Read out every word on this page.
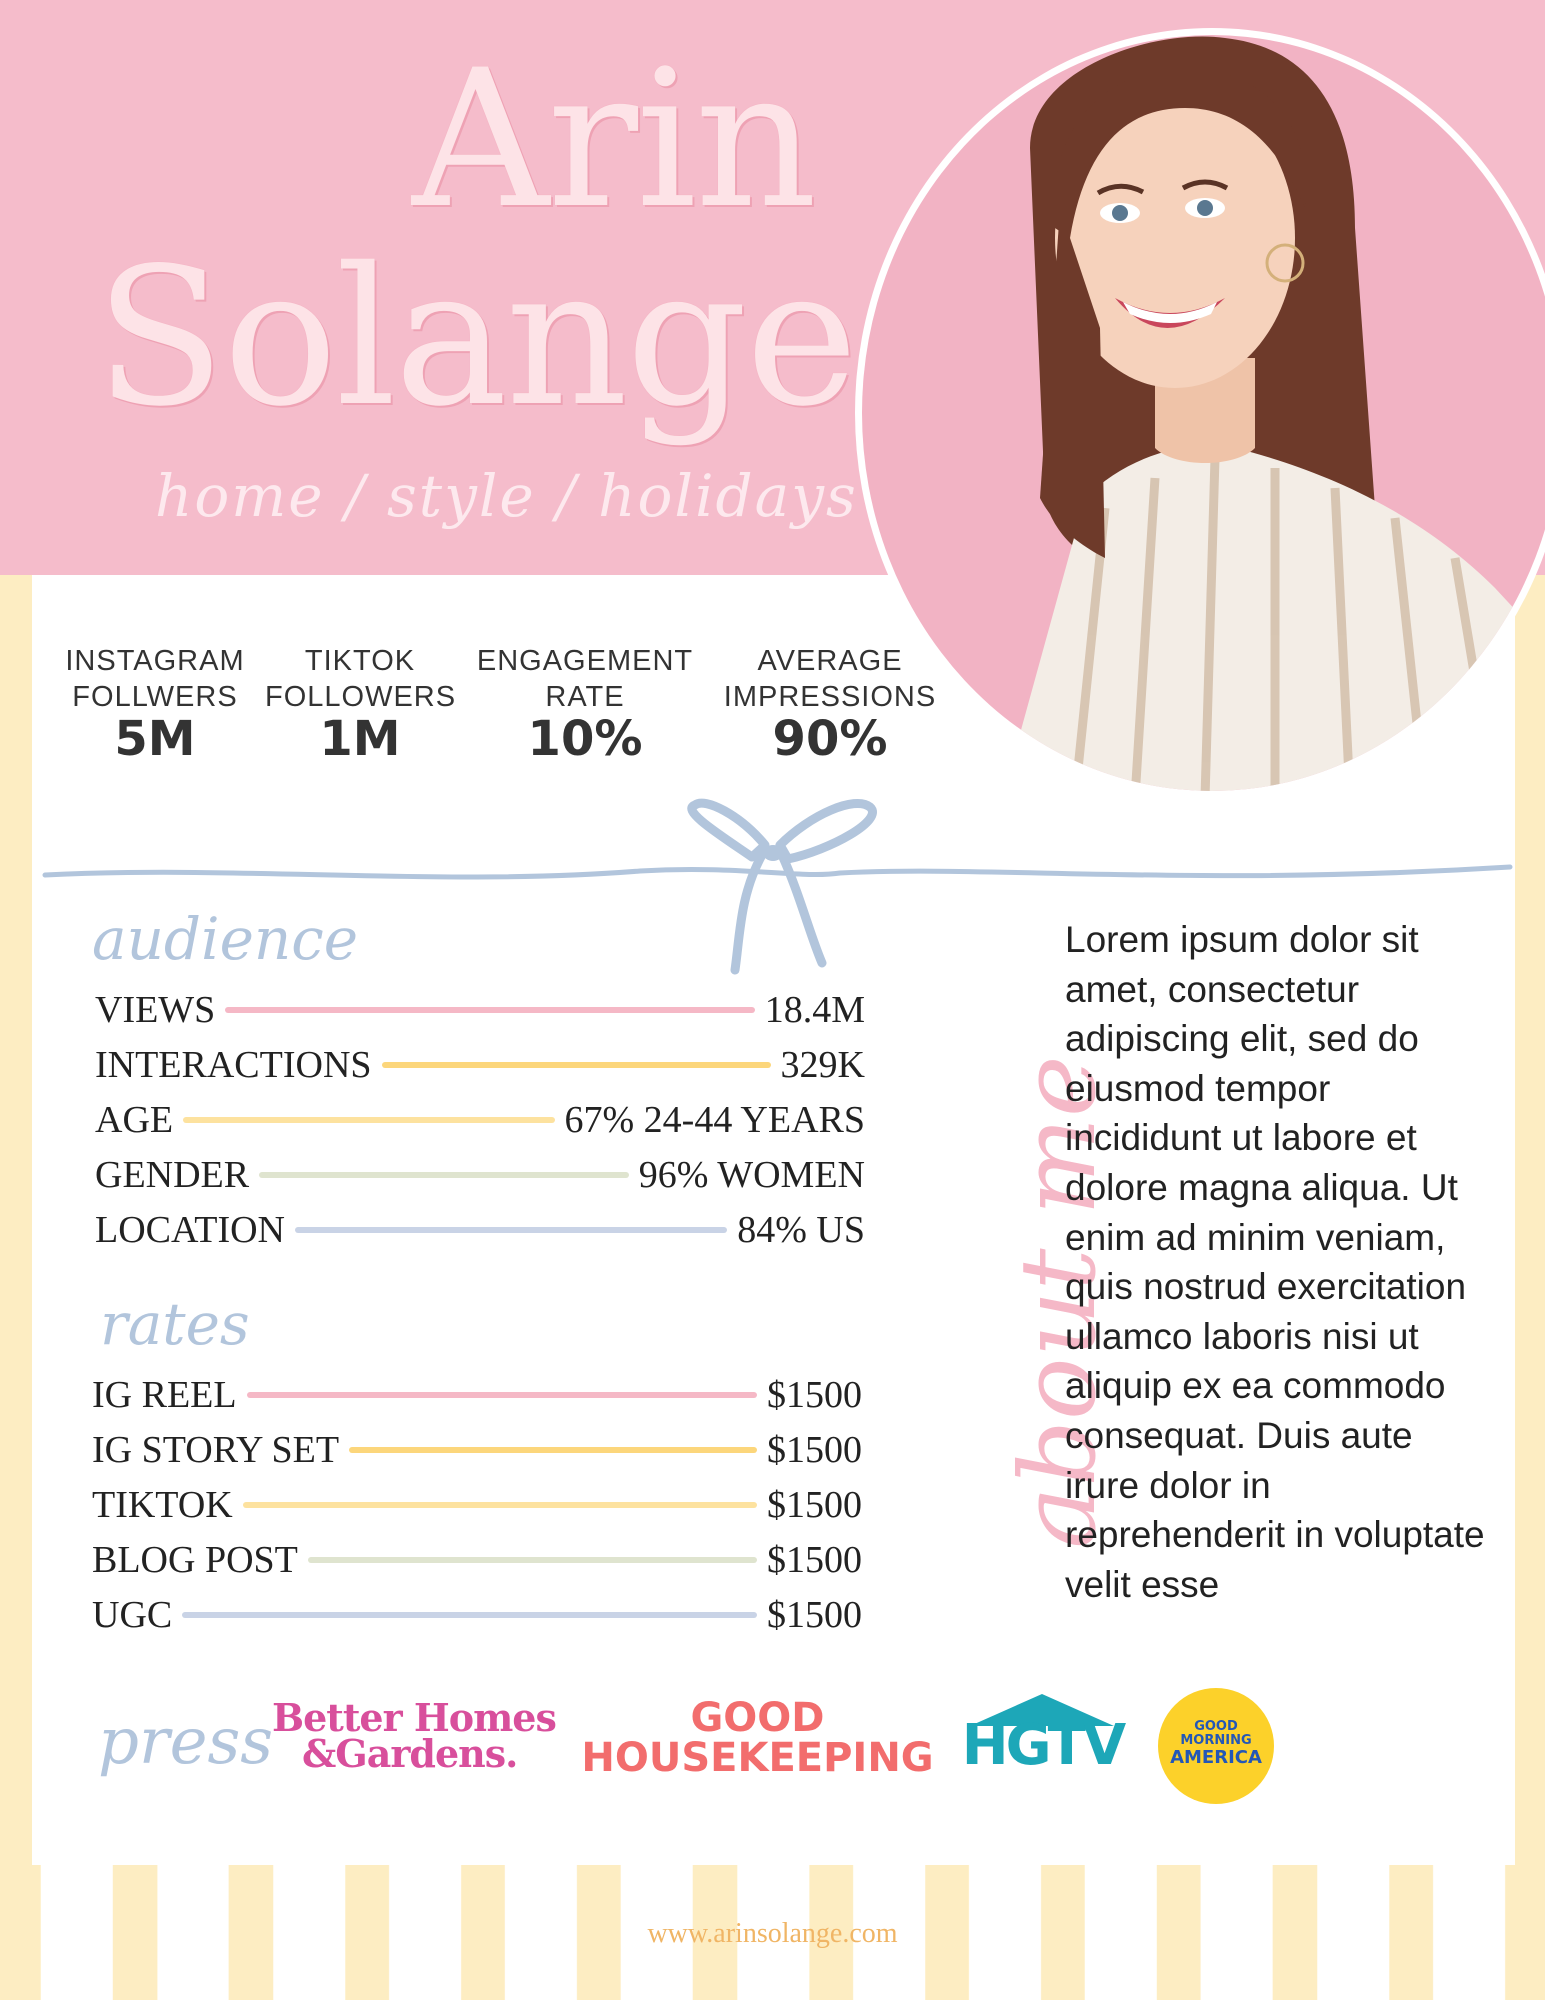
Arin
Solange
home / style / holidays
INSTAGRAM
FOLLWERS
5M
TIKTOK
FOLLOWERS
1M
ENGAGEMENT
RATE
10%
AVERAGE
IMPRESSIONS
90%
audience
VIEWS	18.4M
INTERACTIONS	329K
AGE	67% 24-44 YEARS
GENDER	96% WOMEN
LOCATION	84% US
rates
IG REEL	$1500
IG STORY SET	$1500
TIKTOK	$1500
BLOG POST	$1500
UGC	$1500
about me
Lorem ipsum dolor sit amet, consectetur adipiscing elit, sed do eiusmod tempor incididunt ut labore et dolore magna aliqua. Ut enim ad minim veniam, quis nostrud exercitation ullamco laboris nisi ut aliquip ex ea commodo consequat. Duis aute irure dolor in reprehenderit in voluptate velit esse
press
Better Homes
&Gardens.
GOOD
HOUSEKEEPING HGTV	GOOD
MORNING
AMERICA
www.arinsolange.com
